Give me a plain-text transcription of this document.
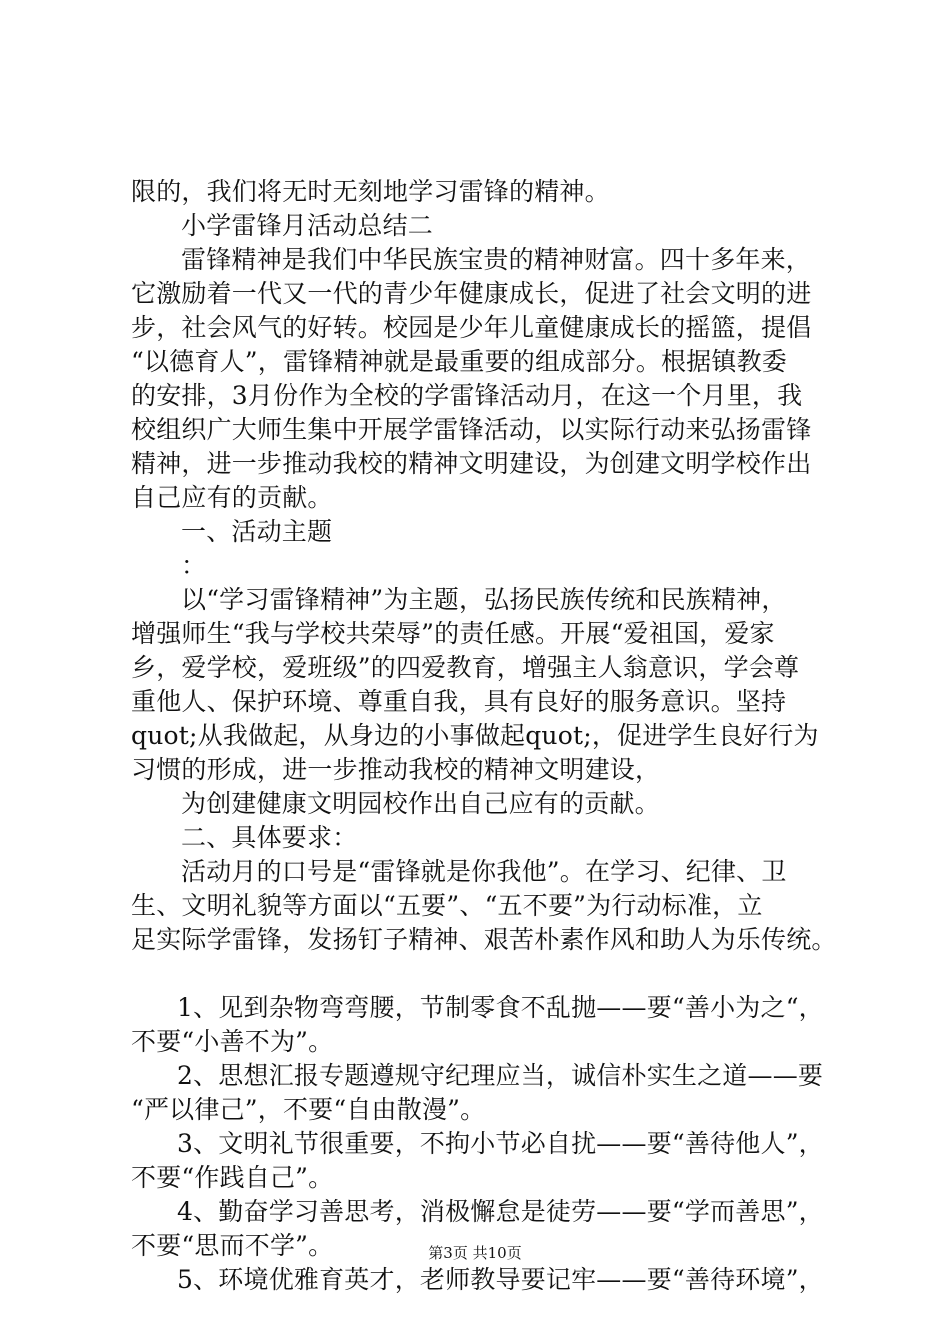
限的，我们将无时无刻地学习雷锋的精神。
小学雷锋月活动总结二
雷锋精神是我们中华民族宝贵的精神财富。四十多年来，
它激励着一代又一代的青少年健康成长，促进了社会文明的进
步，社会风气的好转。校园是少年儿童健康成长的摇篮，提倡
“以德育人”，雷锋精神就是最重要的组成部分。根据镇教委
的安排，3月份作为全校的学雷锋活动月，在这一个月里，我
校组织广大师生集中开展学雷锋活动，以实际行动来弘扬雷锋
精神，进一步推动我校的精神文明建设，为创建文明学校作出
自己应有的贡献。
一、活动主题
：
以“学习雷锋精神”为主题，弘扬民族传统和民族精神，
增强师生“我与学校共荣辱”的责任感。开展“爱祖国，爱家
乡，爱学校，爱班级”的四爱教育，增强主人翁意识，学会尊
重他人、保护环境、尊重自我，具有良好的服务意识。坚持
quot;从我做起，从身边的小事做起quot;，促进学生良好行为
习惯的形成，进一步推动我校的精神文明建设，
为创建健康文明园校作出自己应有的贡献。
二、具体要求：
活动月的口号是“雷锋就是你我他”。在学习、纪律、卫
生、文明礼貌等方面以“五要”、“五不要”为行动标准，立
足实际学雷锋，发扬钉子精神、艰苦朴素作风和助人为乐传统。
1、见到杂物弯弯腰，节制零食不乱抛——要“善小为之“，
不要“小善不为”。
2、思想汇报专题遵规守纪理应当，诚信朴实生之道——要
“严以律己”，不要“自由散漫”。
3、文明礼节很重要，不拘小节必自扰——要“善待他人”，
不要“作践自己”。
4、勤奋学习善思考，消极懈怠是徒劳——要“学而善思”，
不要“思而不学”。
5、环境优雅育英才，老师教导要记牢——要“善待环境”，
第3页 共10页
